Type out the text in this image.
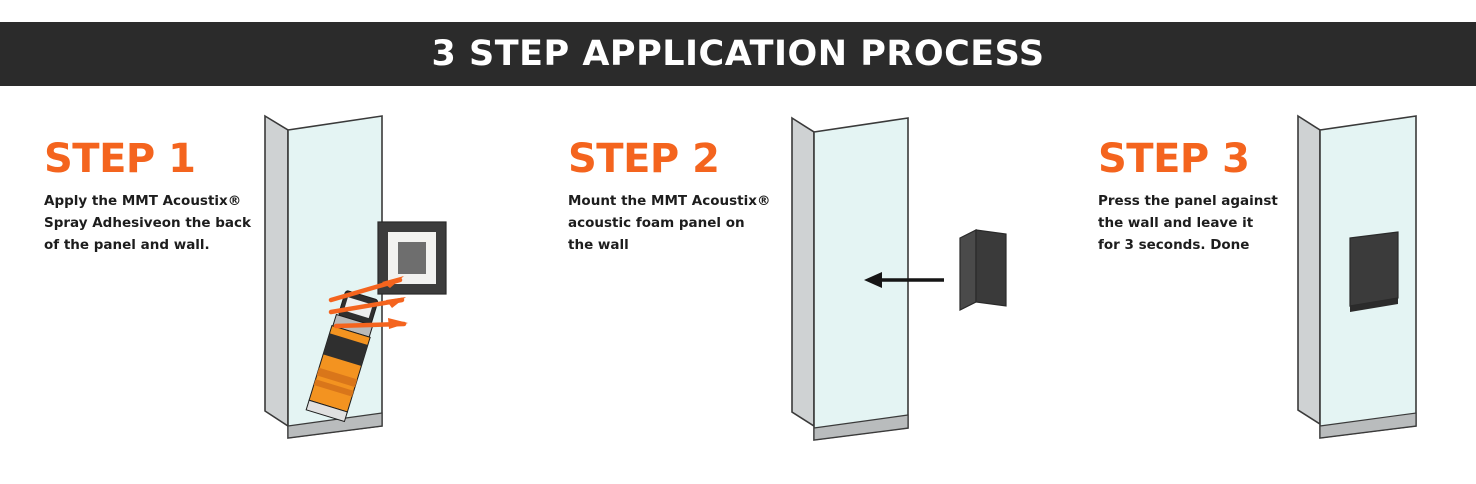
3 STEP APPLICATION PROCESS
STEP 1
Apply the MMT Acoustix®
Spray Adhesiveon the back
of the panel and wall.
STEP 2
Mount the MMT Acoustix®
acoustic foam panel on
the wall
STEP 3
Press the panel against
the wall and leave it
for 3 seconds. Done
